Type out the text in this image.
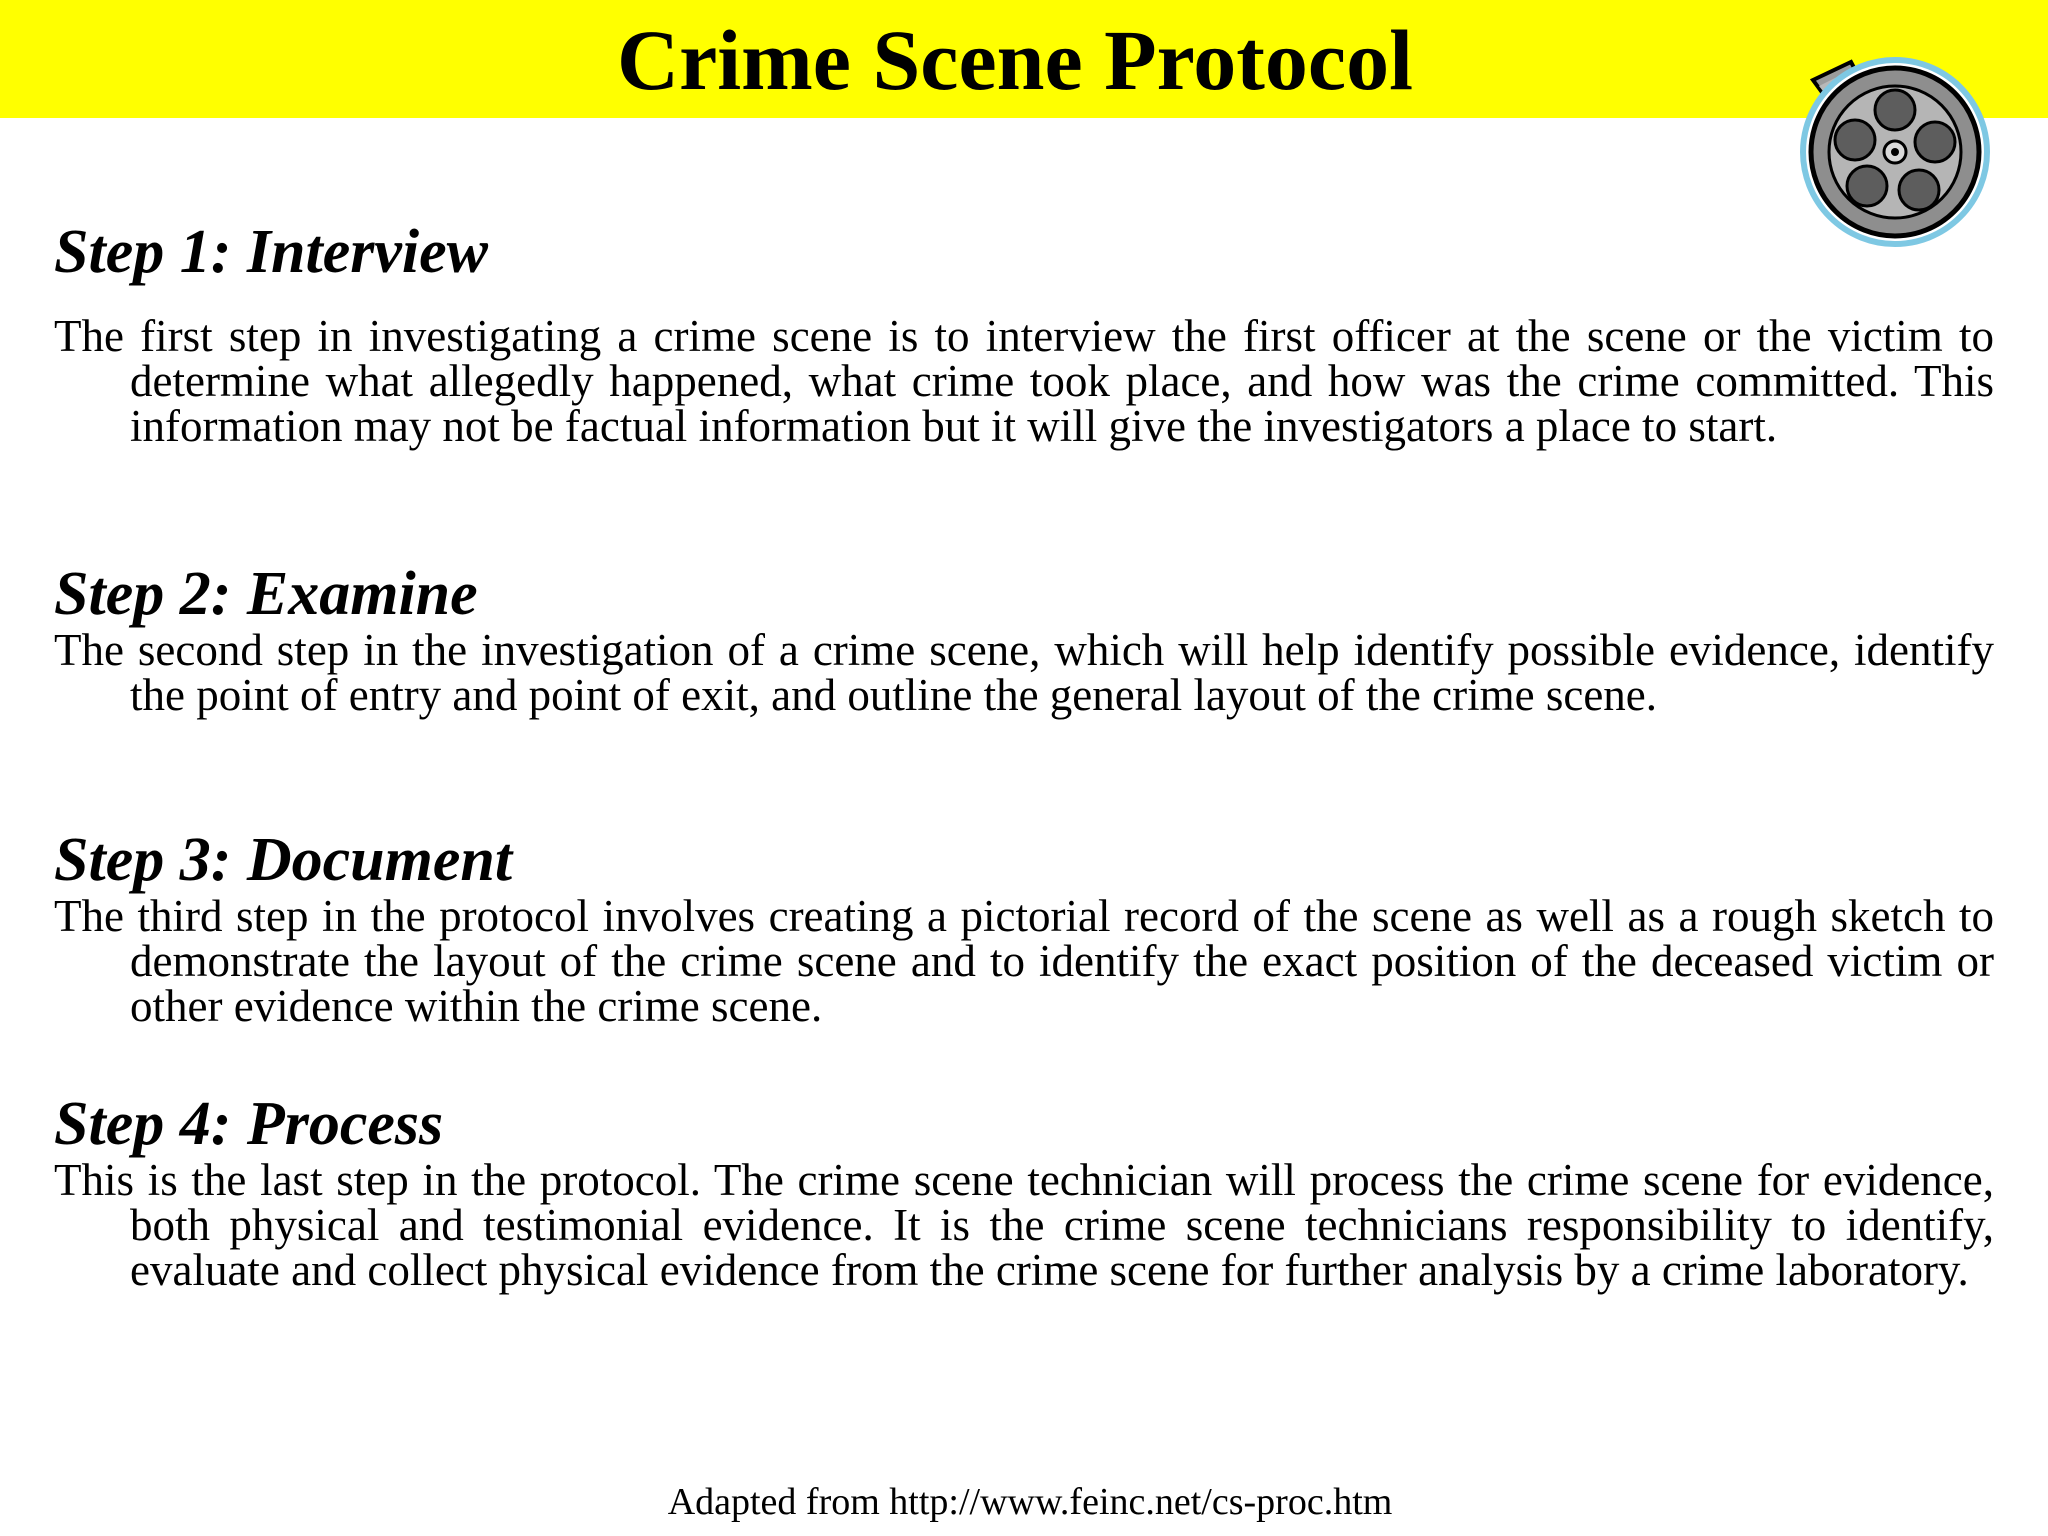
Crime Scene Protocol
Step 1: Interview

The first step in investigating a crime scene is to interview the first officer at the scene or the victim to determine what allegedly happened, what crime took place, and how was the crime committed. This information may not be factual information but it will give the investigators a place to start.

Step 2: Examine

The second step in the investigation of a crime scene, which will help identify possible evidence, identify the point of entry and point of exit, and outline the general layout of the crime scene.

Step 3: Document

The third step in the protocol involves creating a pictorial record of the scene as well as a rough sketch to demonstrate the layout of the crime scene and to identify the exact position of the deceased victim or other evidence within the crime scene.

Step 4: Process

This is the last step in the protocol. The crime scene technician will process the crime scene for evidence, both physical and testimonial evidence. It is the crime scene technicians responsibility to identify, evaluate and collect physical evidence from the crime scene for further analysis by a crime laboratory.

Adapted from http://www.feinc.net/cs-proc.htm
